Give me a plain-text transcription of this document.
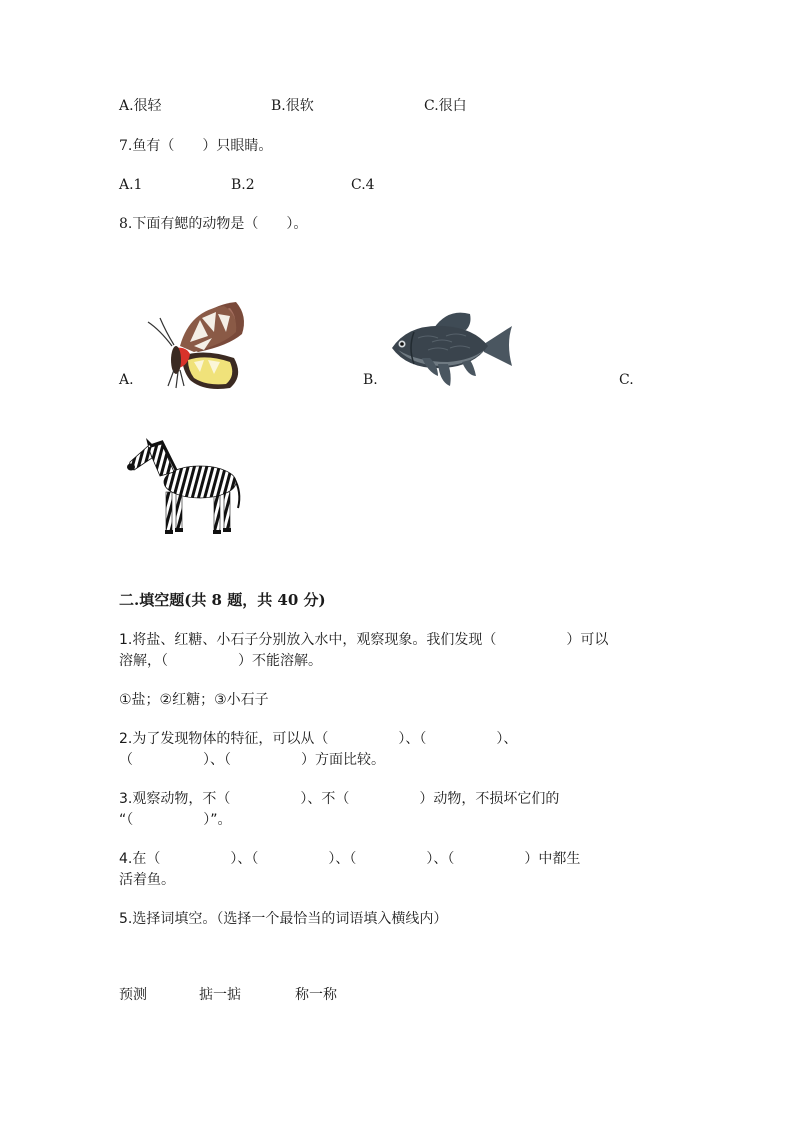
A.很轻	B.很软	C.很白
7.鱼有（　　）只眼睛。
A.1	B.2	C.4
8.下面有鳃的动物是（　　）。
A.	B.	C.
二.填空题(共 8 题，共 40 分)
1.将盐、红糖、小石子分别放入水中，观察现象。我们发现（　　　　　）可以
溶解，（　　　　　）不能溶解。
①盐；②红糖；③小石子
2.为了发现物体的特征，可以从（　　　　　）、（　　　　　）、
（　　　　　）、（　　　　　）方面比较。
3.观察动物，不（　　　　　）、不（　　　　　）动物，不损坏它们的
“（　　　　　）”。
4.在（　　　　　）、（　　　　　）、（　　　　　）、（　　　　　）中都生
活着鱼。
5.选择词填空。（选择一个最恰当的词语填入横线内）
预测	掂一掂	称一称
